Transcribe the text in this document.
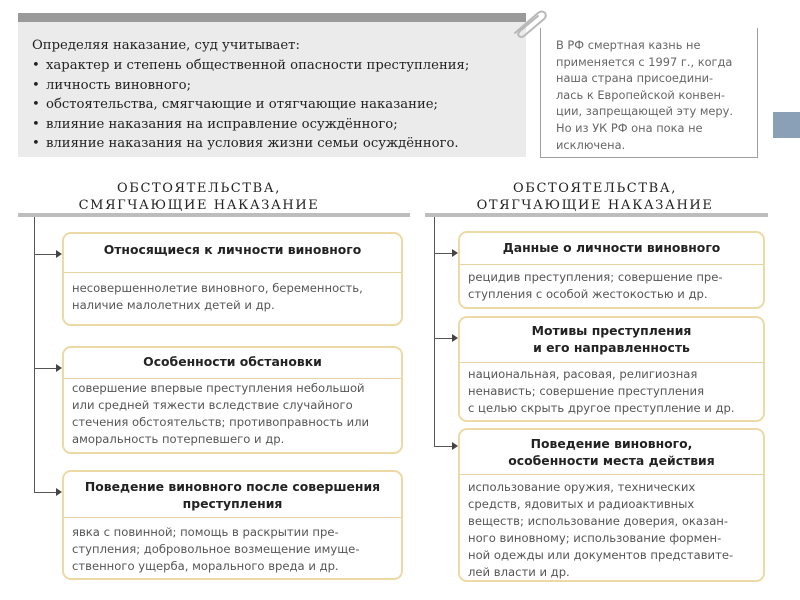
Определяя наказание, суд учитывает:

• характер и степень общественной опасности преступления;
• личность виновного;
• обстоятельства, смягчающие и отягчающие наказание;
• влияние наказания на исправление осуждённого;
• влияние наказания на условия жизни семьи осуждённого.
В РФ смертная казнь не
применяется с 1997 г., когда
наша страна присоедини-
лась к Европейской конвен-
ции, запрещающей эту меру.
Но из УК РФ она пока не
исключена.
ОБСТОЯТЕЛЬСТВА,
СМЯГЧАЮЩИЕ НАКАЗАНИЕ
Относящиеся к личности виновного
несовершеннолетие виновного, беременность,
наличие малолетних детей и др.
Особенности обстановки
совершение впервые преступления небольшой
или средней тяжести вследствие случайного
стечения обстоятельств; противоправность или
аморальность потерпевшего и др.
Поведение виновного после совершения
преступления
явка с повинной; помощь в раскрытии пре-
ступления; добровольное возмещение имуще-
ственного ущерба, морального вреда и др.
ОБСТОЯТЕЛЬСТВА,
ОТЯГЧАЮЩИЕ НАКАЗАНИЕ
Данные о личности виновного
рецидив преступления; совершение пре-
ступления с особой жестокостью и др.
Мотивы преступления
и его направленность
национальная, расовая, религиозная
ненависть; совершение преступления
с целью скрыть другое преступление и др.
Поведение виновного,
особенности места действия
использование оружия, технических
средств, ядовитых и радиоактивных
веществ; использование доверия, оказан-
ного виновному; использование формен-
ной одежды или документов представите-
лей власти и др.
